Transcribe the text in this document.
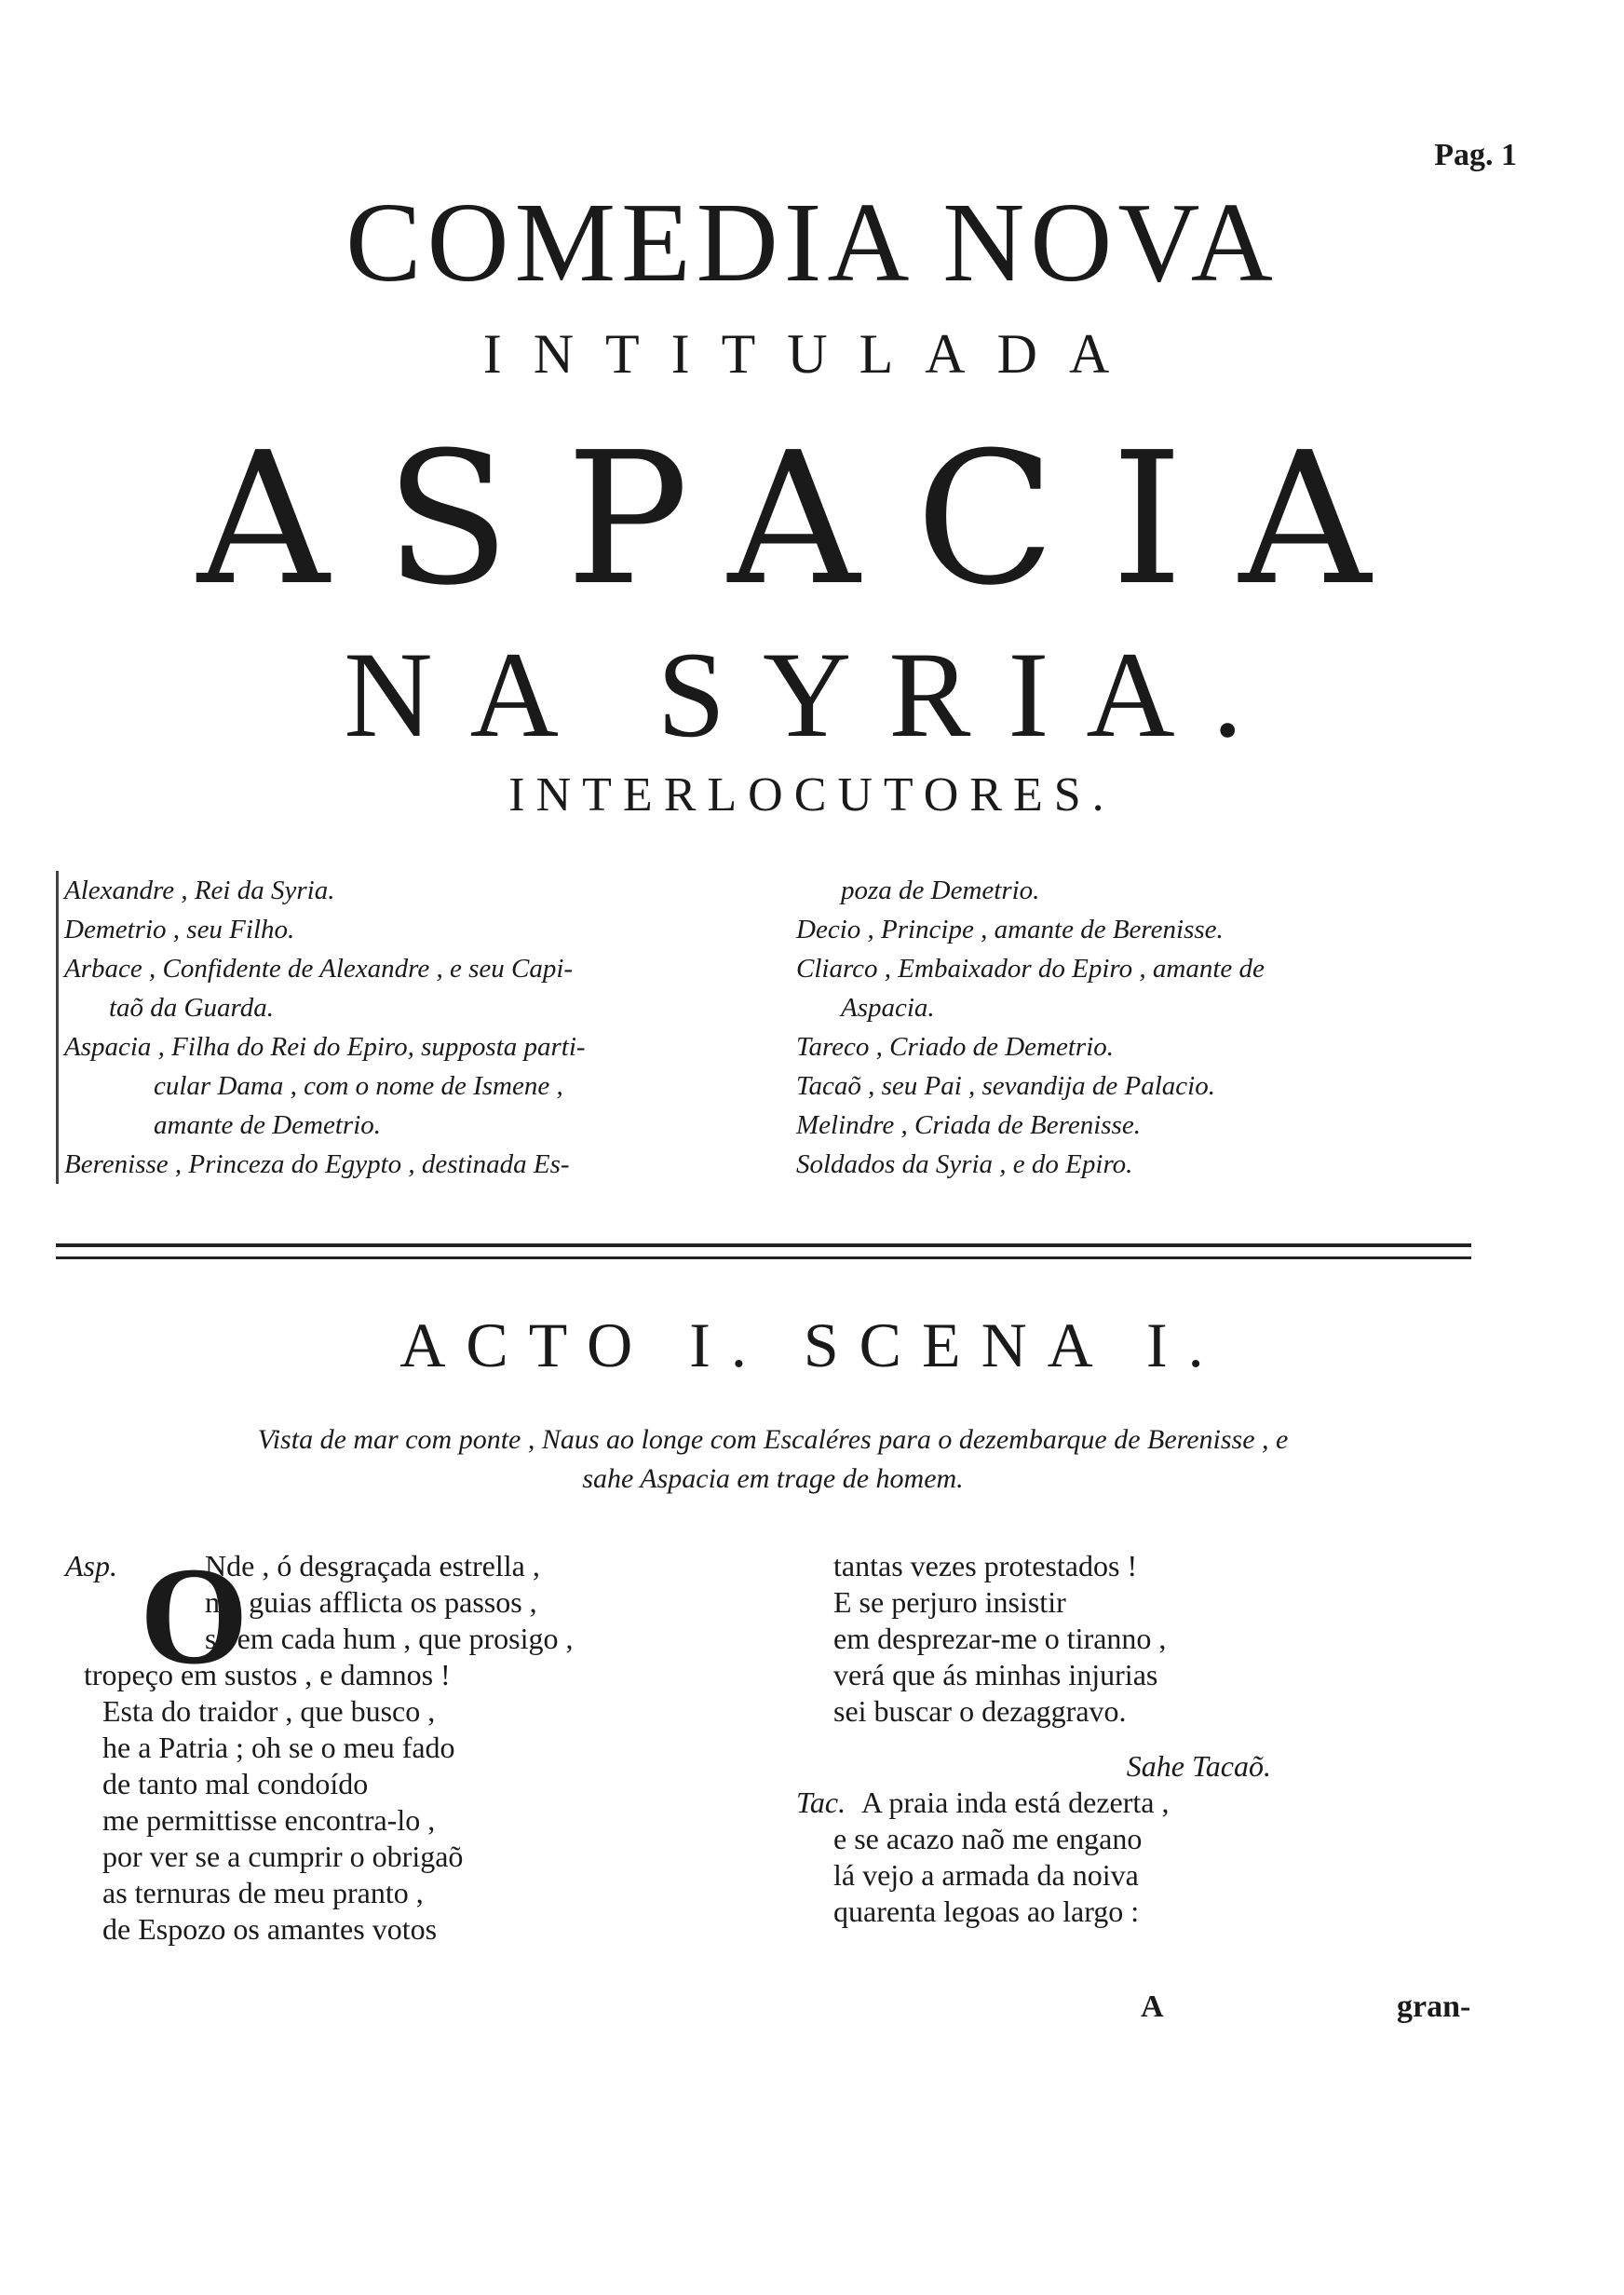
Pag. 1
COMEDIA NOVA
INTITULADA
ASPACIA
NA SYRIA.
INTERLOCUTORES.
Alexandre , Rei da Syria.
Demetrio , seu Filho.
Arbace , Confidente de Alexandre , e seu Capi-
taõ da Guarda.
Aspacia , Filha do Rei do Epiro, supposta parti-
cular Dama , com o nome de Ismene ,
amante de Demetrio.
Berenisse , Princeza do Egypto , destinada Es-
poza de Demetrio.
Decio , Principe , amante de Berenisse.
Cliarco , Embaixador do Epiro , amante de
Aspacia.
Tareco , Criado de Demetrio.
Tacaõ , seu Pai , sevandija de Palacio.
Melindre , Criada de Berenisse.
Soldados da Syria , e do Epiro.
ACTO I. SCENA I.
Vista de mar com ponte , Naus ao longe com Escaléres para o dezembarque de Berenisse , e
sahe Aspacia em trage de homem.
O
Asp.	Nde , ó desgraçada estrella ,
me guias afflicta os passos ,
se em cada hum , que prosigo ,
tropeço em sustos , e damnos !
Esta do traidor , que busco ,
he a Patria ; oh se o meu fado
de tanto mal condoído
me permittisse encontra-lo ,
por ver se a cumprir o obrigaõ
as ternuras de meu pranto ,
de Espozo os amantes votos
tantas vezes protestados !
E se perjuro insistir
em desprezar-me o tiranno ,
verá que ás minhas injurias
sei buscar o dezaggravo.
Sahe Tacaõ.
Tac. A praia inda está dezerta ,
e se acazo naõ me engano
lá vejo a armada da noiva
quarenta legoas ao largo :
A	gran-
